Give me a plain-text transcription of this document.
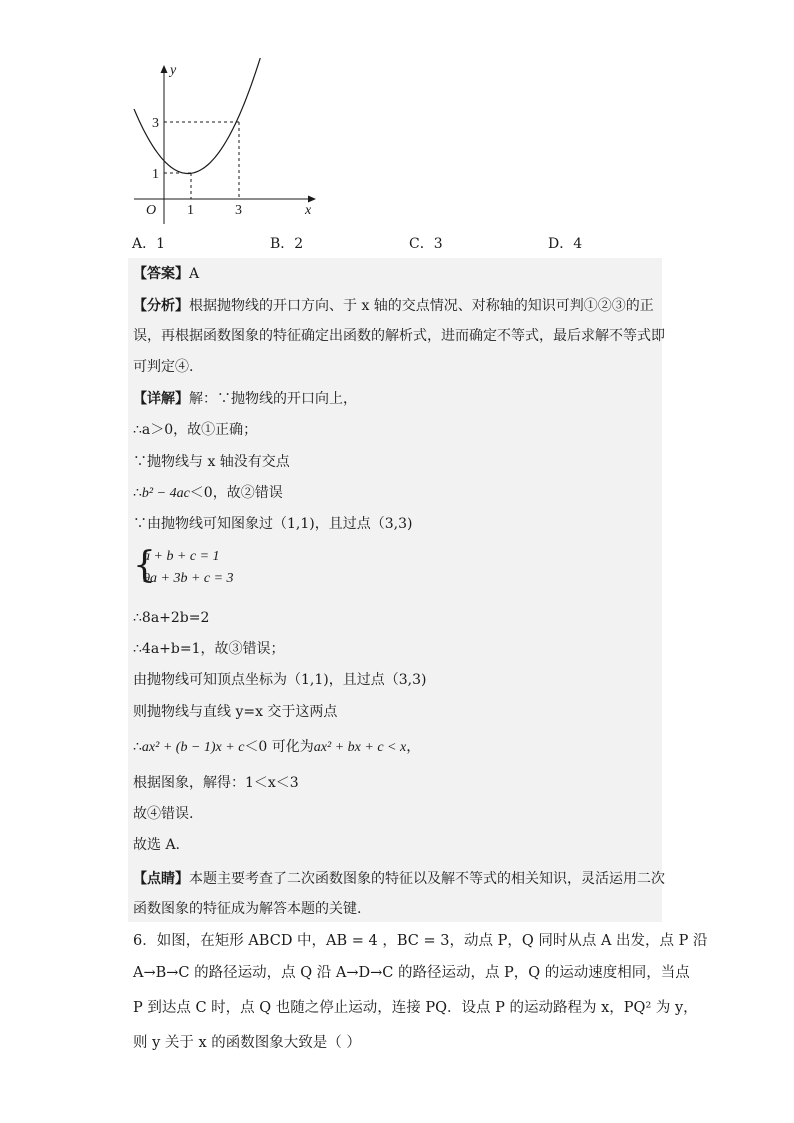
y
x
O 1	3
1
3
A．1	B．2	C．3	D．4
【答案】A
【分析】根据抛物线的开口方向、于 x 轴的交点情况、对称轴的知识可判①②③的正
误，再根据函数图象的特征确定出函数的解析式，进而确定不等式，最后求解不等式即
可判定④.
【详解】解：∵抛物线的开口向上，
∴a＞0，故①正确；
∵抛物线与 x 轴没有交点
∴b² − 4ac＜0，故②错误
∵由抛物线可知图象过（1,1)，且过点（3,3)
{
a + b + c = 1
9a + 3b + c = 3
∴8a+2b=2
∴4a+b=1，故③错误；
由抛物线可知顶点坐标为（1,1)，且过点（3,3)
则抛物线与直线 y=x 交于这两点
∴ax² + (b − 1)x + c＜0 可化为ax² + bx + c < x，
根据图象，解得：1＜x＜3
故④错误.
故选 A.
【点睛】本题主要考查了二次函数图象的特征以及解不等式的相关知识，灵活运用二次
函数图象的特征成为解答本题的关键.
6．如图，在矩形 ABCD 中，AB = 4 ，BC = 3，动点 P，Q 同时从点 A 出发，点 P 沿
A→B→C 的路径运动，点 Q 沿 A→D→C 的路径运动，点 P，Q 的运动速度相同，当点
P 到达点 C 时，点 Q 也随之停止运动，连接 PQ．设点 P 的运动路程为 x，PQ² 为 y，
则 y 关于 x 的函数图象大致是（ ）
